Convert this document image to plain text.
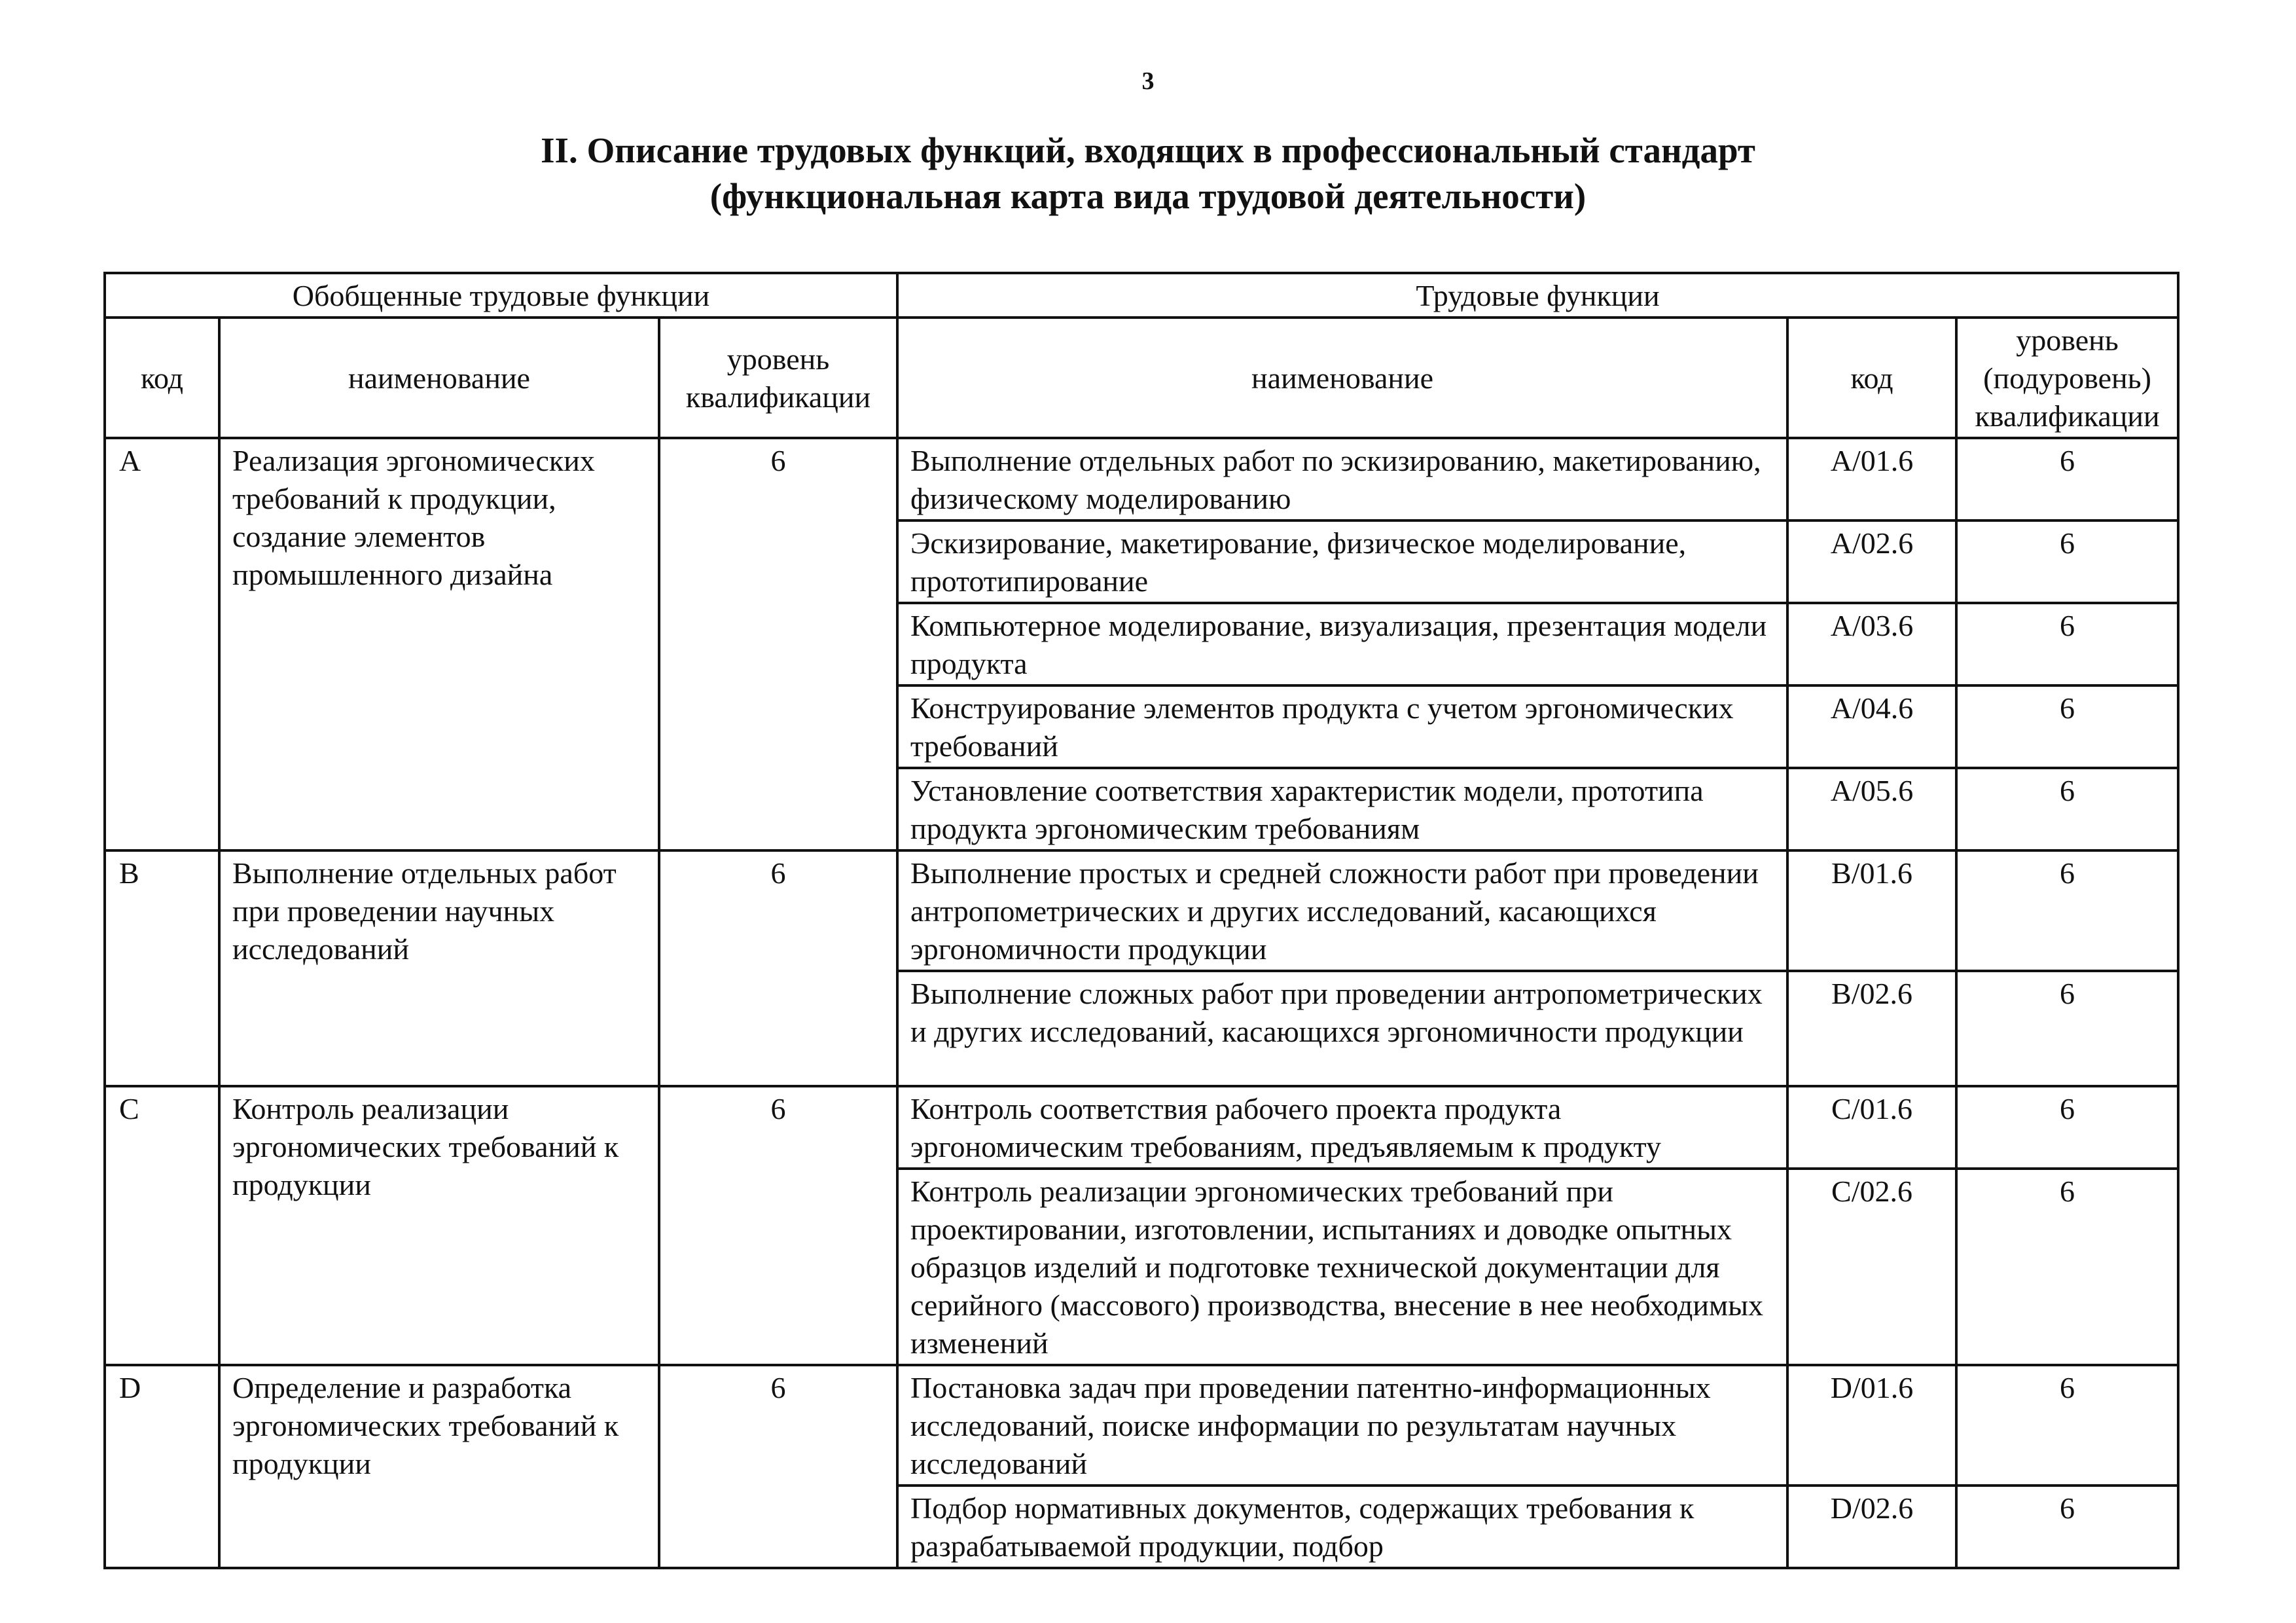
3
II. Описание трудовых функций, входящих в профессиональный стандарт
(функциональная карта вида трудовой деятельности)
Обобщенные трудовые функции			Трудовые функции		
код	наименование	уровень квалификации	наименование	код	уровень (подуровень) квалификации
A	Реализация эргономических требований к продукции, создание элементов промышленного дизайна	6	Выполнение отдельных работ по эскизированию, макетированию, физическому моделированию	A/01.6	6
			Эскизирование, макетирование, физическое моделирование, прототипирование	A/02.6	6
			Компьютерное моделирование, визуализация, презентация модели продукта	A/03.6	6
			Конструирование элементов продукта с учетом эргономических требований	A/04.6	6
			Установление соответствия характеристик модели, прототипа продукта эргономическим требованиям	A/05.6	6
B	Выполнение отдельных работ при проведении научных исследований	6	Выполнение простых и средней сложности работ при проведении антропометрических и других исследований, касающихся эргономичности продукции	B/01.6	6
			Выполнение сложных работ при проведении антропометрических и других исследований, касающихся эргономичности продукции	B/02.6	6
C	Контроль реализации эргономических требований к продукции	6	Контроль соответствия рабочего проекта продукта эргономическим требованиям, предъявляемым к продукту	C/01.6	6
			Контроль реализации эргономических требований при проектировании, изготовлении, испытаниях и доводке опытных образцов изделий и подготовке технической документации для серийного (массового) производства, внесение в нее необходимых изменений	C/02.6	6
D	Определение и разработка эргономических требований к продукции	6	Постановка задач при проведении патентно-информационных исследований, поиске информации по результатам научных исследований	D/01.6	6
			Подбор нормативных документов, содержащих требования к разрабатываемой продукции, подбор	D/02.6	6
